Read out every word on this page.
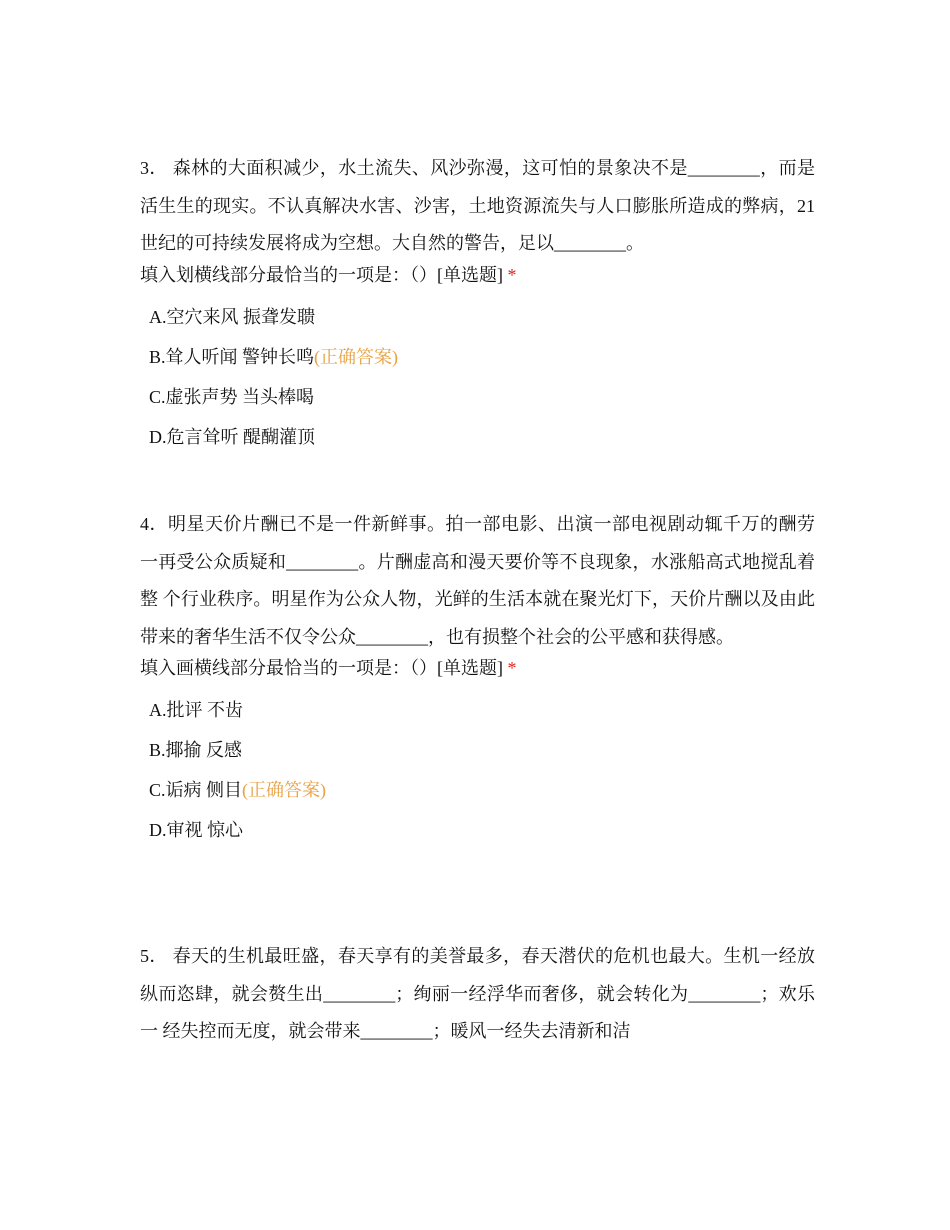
3． 森林的大面积减少，水土流失、风沙弥漫，这可怕的景象决不是________，而是活生生的现实。不认真解决水害、沙害，土地资源流失与人口膨胀所造成的弊病，21 世纪的可持续发展将成为空想。大自然的警告，足以________。

填入划横线部分最恰当的一项是：（）[单选题] *

A.空穴来风 振聋发聩
B.耸人听闻 警钟长鸣(正确答案)
C.虚张声势 当头棒喝
D.危言耸听 醍醐灌顶

4．明星天价片酬已不是一件新鲜事。拍一部电影、出演一部电视剧动辄千万的酬劳 一再受公众质疑和________。片酬虚高和漫天要价等不良现象，水涨船高式地搅乱着整 个行业秩序。明星作为公众人物，光鲜的生活本就在聚光灯下，天价片酬以及由此带来的奢华生活不仅令公众________，也有损整个社会的公平感和获得感。

填入画横线部分最恰当的一项是：（）[单选题] *

A.批评 不齿
B.揶揄 反感
C.诟病 侧目(正确答案)
D.审视 惊心

5． 春天的生机最旺盛，春天享有的美誉最多，春天潜伏的危机也最大。生机一经放 纵而恣肆，就会赘生出________；绚丽一经浮华而奢侈，就会转化为________；欢乐一 经失控而无度，就会带来________；暖风一经失去清新和洁
